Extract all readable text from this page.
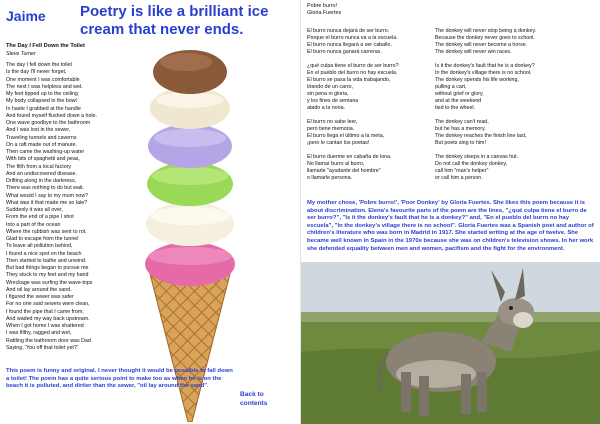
Jaime Poetry is like a brilliant ice cream that never ends.
The Day I Fell Down the Toilet
Steve Turner
The day I fell down the toilet
Is the day I'll never forget,
One moment I was comfortable
The next I was helpless and wet.
My feet tipped up to the ceiling
My body collapsed in the bowl
In haste I grabbed at the handle
And found myself flushed down a hole.
One wave goodbye to the bathroom
And I was lost in the sewer,
Traveling tunnels and caverns
On a raft made out of manure.
Then came the washing-up water
With bits of spaghetti and peas,
The filth from a local factory
And an undiscovered disease.
Drifting along in the darkness,
There was nothing to do but wait.
What would I say to my mum now?
What was it that made me so late?
Suddenly it was all over,
From the end of a pipe I shot
Into a part of the ocean
Where the rubbish was sent to rot.
Glad to escape from the tunnel
To leave all pollution behind,
I found a nice spot on the beach
Then started to bathe and unwind.
But bad things began to pursue me
They stuck to my feet and my hand
Wreckage was surfing the wave-tops
And oil lay around the sand.
I figured the sewer was safer
For no one said sewers were clean,
I found the pipe that I came from,
And waded my way back upstream.
When I got home I was shattered
I was filthy, ragged and wet,
Rattling the bathroom door was Dad
Saying, 'You off that toilet yet?'
This poem is funny and original. I never thought it would be possible to fall down a toilet! The poem has a quite serious point to make too as when he is on the beach it is polluted, and dirtier than the sewer, "oil lay around the sand".
Back to contents
Pobre burro!
Gloria Fuertes
El burro nunca dejará de ser burro.
Porque el burro nunca va a la escuela.
El burro nunca llegará a ser caballo.
El burro nunca ganará carreras.
¿qué culpa tiene el burro de ser burro?
En el pueblo del burro no hay escuela.
El burro se pasa la vida trabajando,
tirando de un carro,
sin pena ni gloria,
y los fines de semana
atado a la noria.
El burro no sabe leer,
pero tiene memoria.
El burro llega el último a la meta,
¡pero le cantan los poetas!
El burro duerme en cabaña de lona.
No llamar burro al burro,
llamarle "ayudante del hombre"
o llamarle persona.
The donkey will never stop being a donkey.
Because the donkey never goes to school.
The donkey will never become a horse.
The donkey will never win races.
Is it the donkey's fault that he is a donkey?
In the donkey's village there is no school.
The donkey spends his life working,
pulling a cart,
without grief or glory,
and at the weekend
tied to the wheel.
The donkey can't read,
but he has a memory.
The donkey reaches the finish line last,
But poets sing to him!
The donkey sleeps in a canvas hut.
Do not call the donkey donkey,
call him "man's helper"
or call him a person.
My mother chose, 'Pobre burro!', 'Poor Donkey' by Gloria Fuertes. She likes this poem because it is about discrimination. Elena's favourite parts of the poem are the lines, "¿qué culpa tiene el burro de ser burro?", "Is it the donkey's fault that he is a donkey?" and, "En el pueblo del burro no hay escuela", "In the donkey's village there is no school". Gloria Fuertes was a Spanish poet and author of children's literature who was born in Madrid in 1917. She started writing at the age of twelve. She became well known in Spain in the 1970s because she was on children's television shows. In her work she defended equality between men and women, pacifism and the fight for the environment.
